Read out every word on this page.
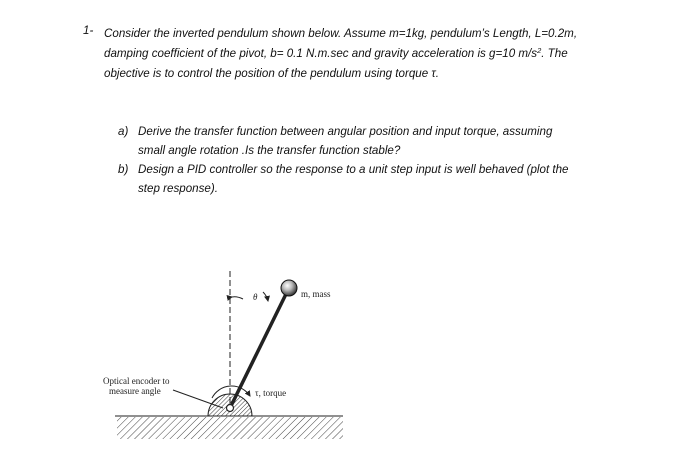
1- Consider the inverted pendulum shown below. Assume m=1kg, pendulum’s Length, L=0.2m,
damping coefficient of the pivot, b= 0.1 N.m.sec and gravity acceleration is g=10 $m/s^2$. The
objective is to control the position of the pendulum using torque τ.
a) Derive the transfer function between angular position and input torque, assuming
small angle rotation .Is the transfer function stable?
b) Design a PID controller so the response to a unit step input is well behaved (plot the
step response).
θ	m, mass
τ, torque
Optical encoder to
measure angle
